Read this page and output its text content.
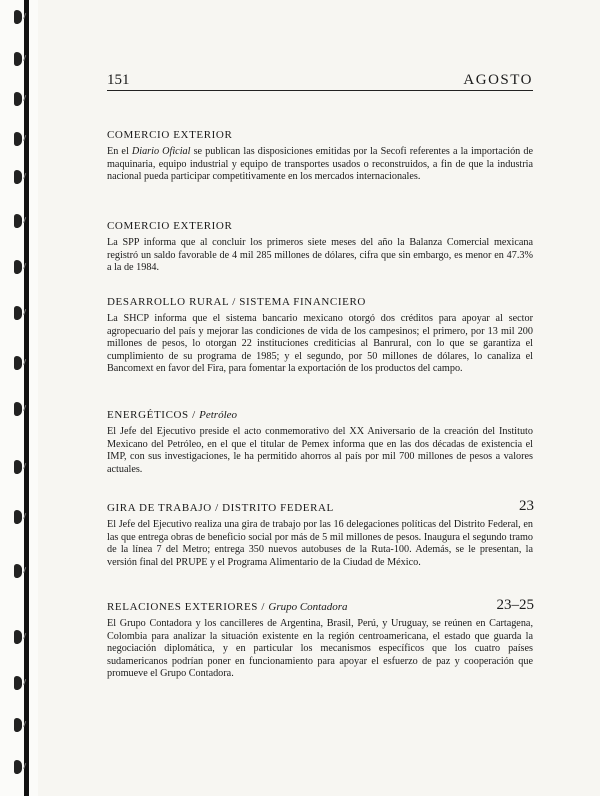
151	AGOSTO
COMERCIO EXTERIOR

En el Diario Oficial se publican las disposiciones emitidas por la Secofi referentes a la importación de maquinaria, equipo industrial y equipo de transportes usados o reconstruidos, a fin de que la industria nacional pueda participar competitivamente en los mercados internacionales.

COMERCIO EXTERIOR

La SPP informa que al concluir los primeros siete meses del año la Balanza Comercial mexicana registró un saldo favorable de 4 mil 285 millones de dólares, cifra que sin embargo, es menor en 47.3% a la de 1984.

DESARROLLO RURAL / SISTEMA FINANCIERO

La SHCP informa que el sistema bancario mexicano otorgó dos créditos para apoyar al sector agropecuario del país y mejorar las condiciones de vida de los campesinos; el primero, por 13 mil 200 millones de pesos, lo otorgan 22 instituciones crediticias al Banrural, con lo que se garantiza el cumplimiento de su programa de 1985; y el segundo, por 50 millones de dólares, lo canaliza el Bancomext en favor del Fira, para fomentar la exportación de los productos del campo.

ENERGÉTICOS / Petróleo

El Jefe del Ejecutivo preside el acto conmemorativo del XX Aniversario de la creación del Instituto Mexicano del Petróleo, en el que el titular de Pemex informa que en las dos décadas de existencia el IMP, con sus investigaciones, le ha permitido ahorros al país por mil 700 millones de pesos a valores actuales.

23
GIRA DE TRABAJO / DISTRITO FEDERAL

El Jefe del Ejecutivo realiza una gira de trabajo por las 16 delegaciones políticas del Distrito Federal, en las que entrega obras de beneficio social por más de 5 mil millones de pesos. Inaugura el segundo tramo de la línea 7 del Metro; entrega 350 nuevos autobuses de la Ruta-100. Además, se le presentan, la versión final del PRUPE y el Programa Alimentario de la Ciudad de México.

23–25
RELACIONES EXTERIORES / Grupo Contadora

El Grupo Contadora y los cancilleres de Argentina, Brasil, Perú, y Uruguay, se reúnen en Cartagena, Colombia para analizar la situación existente en la región centroamericana, el estado que guarda la negociación diplomática, y en particular los mecanismos específicos que los cuatro países sudamericanos podrían poner en funcionamiento para apoyar el esfuerzo de paz y cooperación que promueve el Grupo Contadora.
